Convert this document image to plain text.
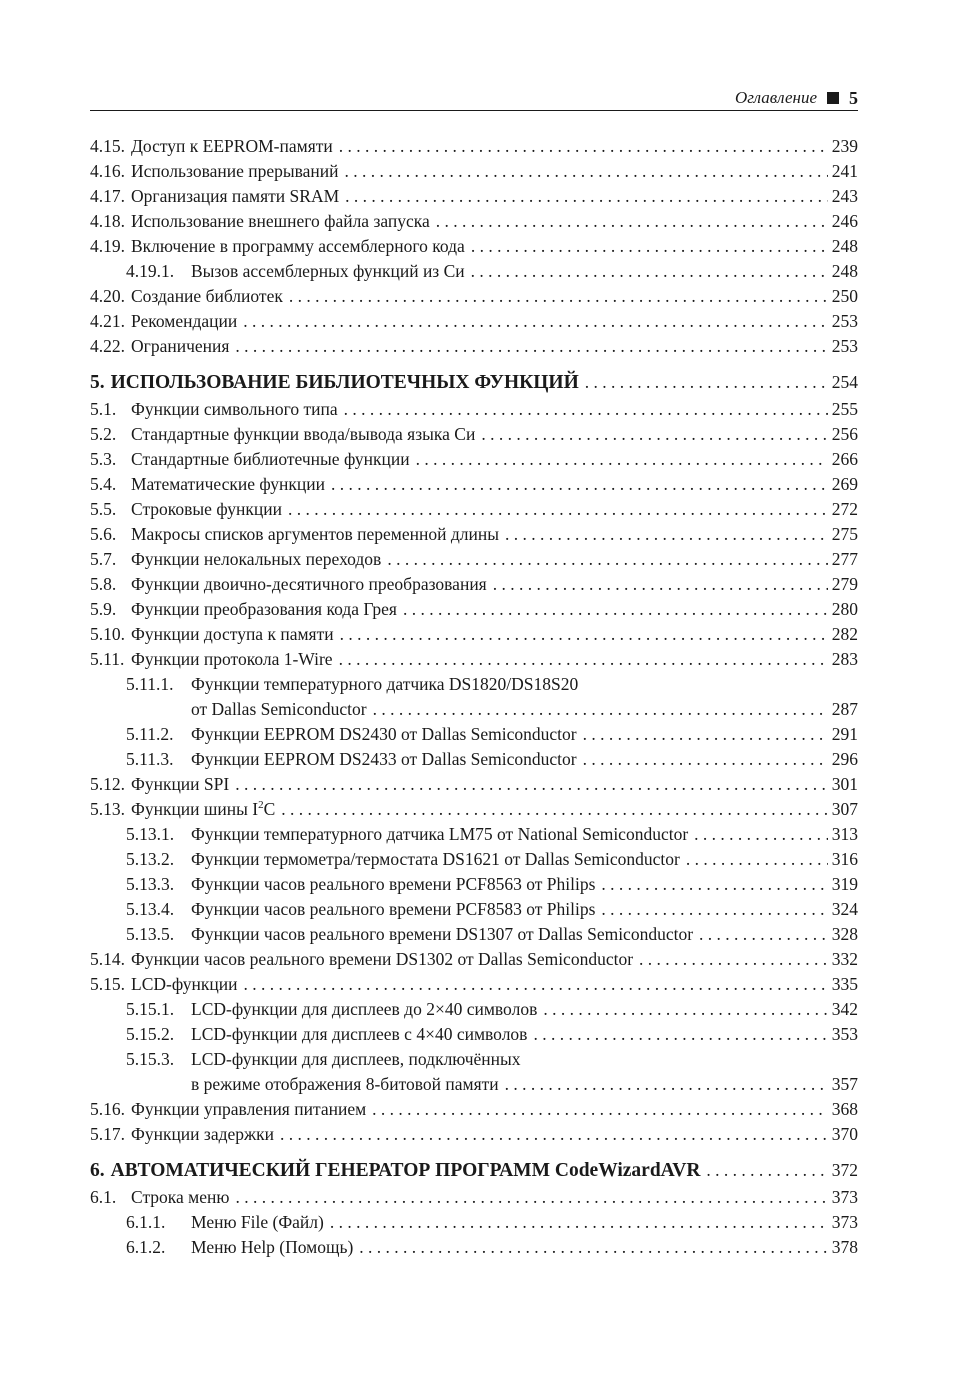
Оглавление 5
4.15. Доступ к EEPROM-памяти . . .	239
4.16. Использование прерываний . . .	241
4.17. Организация памяти SRAM . . .	243
4.18. Использование внешнего файла запуска . . .	246
4.19. Включение в программу ассемблерного кода . . .	248
4.19.1. Вызов ассемблерных функций из Си . . .	248
4.20. Создание библиотек . . .	250
4.21. Рекомендации . . .	253
4.22. Ограничения . . .	253
5. ИСПОЛЬЗОВАНИЕ БИБЛИОТЕЧНЫХ ФУНКЦИЙ . . .	254
5.1. Функции символьного типа . . .	255
5.2. Стандартные функции ввода/вывода языка Си . . .	256
5.3. Стандартные библиотечные функции . . .	266
5.4. Математические функции . . .	269
5.5. Строковые функции . . .	272
5.6. Макросы списков аргументов переменной длины . . .	275
5.7. Функции нелокальных переходов . . .	277
5.8. Функции двоично-десятичного преобразования . . .	279
5.9. Функции преобразования кода Грея . . .	280
5.10. Функции доступа к памяти . . .	282
5.11. Функции протокола 1-Wire . . .	283
5.11.1.	Функции температурного датчика DS1820/DS18S20
от Dallas Semiconductor . . .	287
5.11.2.	Функции EEPROM DS2430 от Dallas Semiconductor . . .	291
5.11.3.	Функции EEPROM DS2433 от Dallas Semiconductor . . .	296
5.12. Функции SPI . . .	301
5.13. Функции шины $I^2C$ . . .	307
5.13.1. Функции температурного датчика LM75 от National Semiconductor . . .	313
5.13.2. Функции термометра/термостата DS1621 от Dallas Semiconductor . . .	316
5.13.3. Функции часов реального времени PCF8563 от Philips . . .	319
5.13.4. Функции часов реального времени PCF8583 от Philips . . .	324
5.13.5. Функции часов реального времени DS1307 от Dallas Semiconductor . . .	328
5.14. Функции часов реального времени DS1302 от Dallas Semiconductor . . .	332
5.15. LCD-функции . . .	335
5.15.1. LCD-функции для дисплеев до 2×40 символов . . .	342
5.15.2. LCD-функции для дисплеев с 4×40 символов . . .	353
5.15.3. LCD-функции для дисплеев, подключённых
в режиме отображения 8-битовой памяти . . .	357
5.16. Функции управления питанием . . .	368
5.17. Функции задержки . . .	370
6. АВТОМАТИЧЕСКИЙ ГЕНЕРАТОР ПРОГРАММ CodeWizardAVR . . .	372
6.1. Строка меню . . .	373
6.1.1.	Меню File (Файл) . . .	373
6.1.2.	Меню Help (Помощь) . . .	378
